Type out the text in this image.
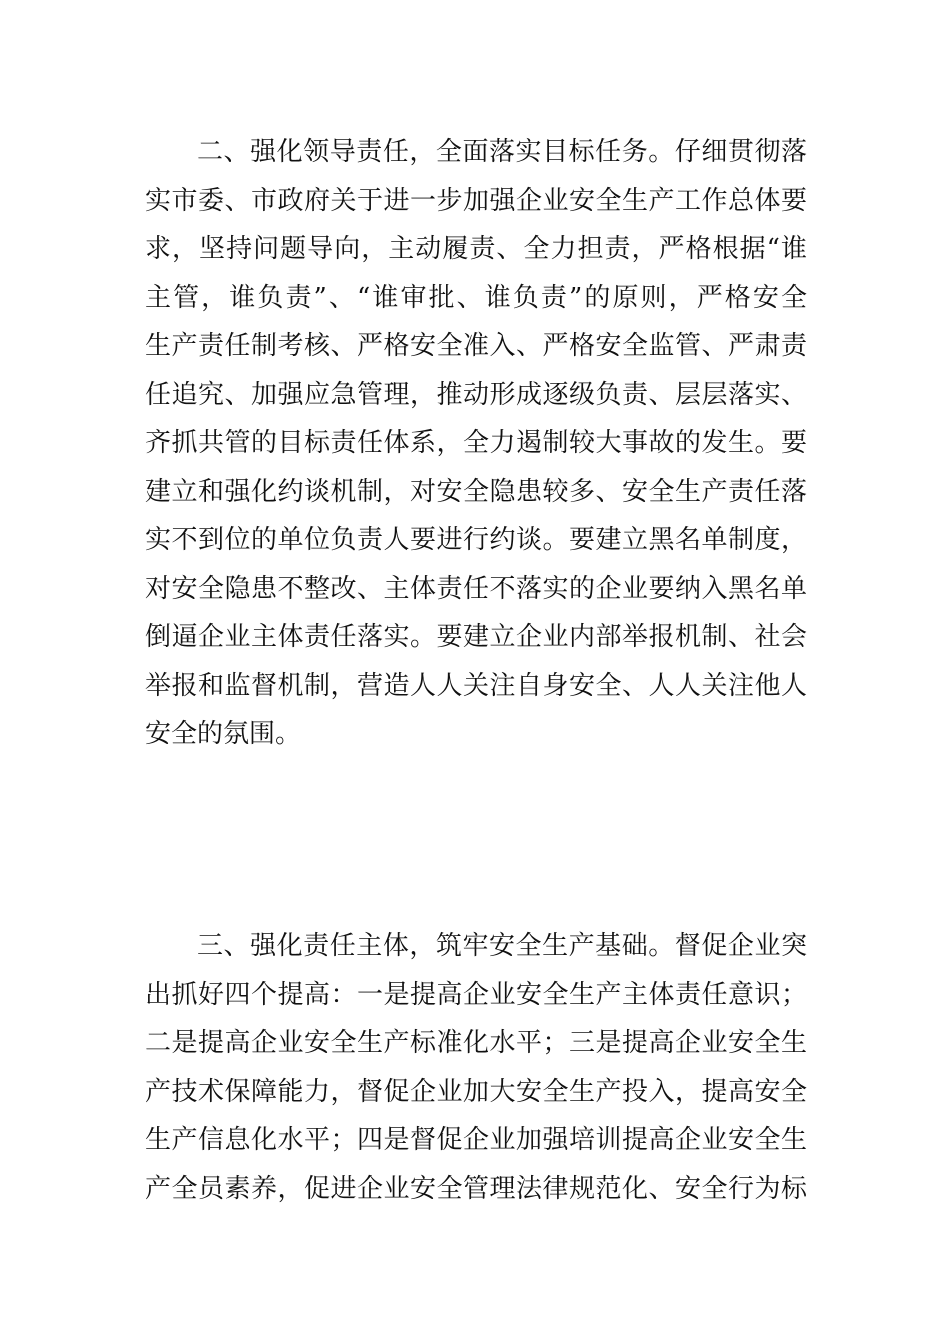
二、强化领导责任，全面落实目标任务。仔细贯彻落
实市委、市政府关于进一步加强企业安全生产工作总体要
求，坚持问题导向，主动履责、全力担责，严格根据“谁
主管，谁负责”、“谁审批、谁负责”的原则，严格安全
生产责任制考核、严格安全准入、严格安全监管、严肃责
任追究、加强应急管理，推动形成逐级负责、层层落实、
齐抓共管的目标责任体系，全力遏制较大事故的发生。要
建立和强化约谈机制，对安全隐患较多、安全生产责任落
实不到位的单位负责人要进行约谈。要建立黑名单制度，
对安全隐患不整改、主体责任不落实的企业要纳入黑名单
倒逼企业主体责任落实。要建立企业内部举报机制、社会
举报和监督机制，营造人人关注自身安全、人人关注他人
安全的氛围。
三、强化责任主体，筑牢安全生产基础。督促企业突
出抓好四个提高：一是提高企业安全生产主体责任意识；
二是提高企业安全生产标准化水平；三是提高企业安全生
产技术保障能力，督促企业加大安全生产投入，提高安全
生产信息化水平；四是督促企业加强培训提高企业安全生
产全员素养，促进企业安全管理法律规范化、安全行为标
